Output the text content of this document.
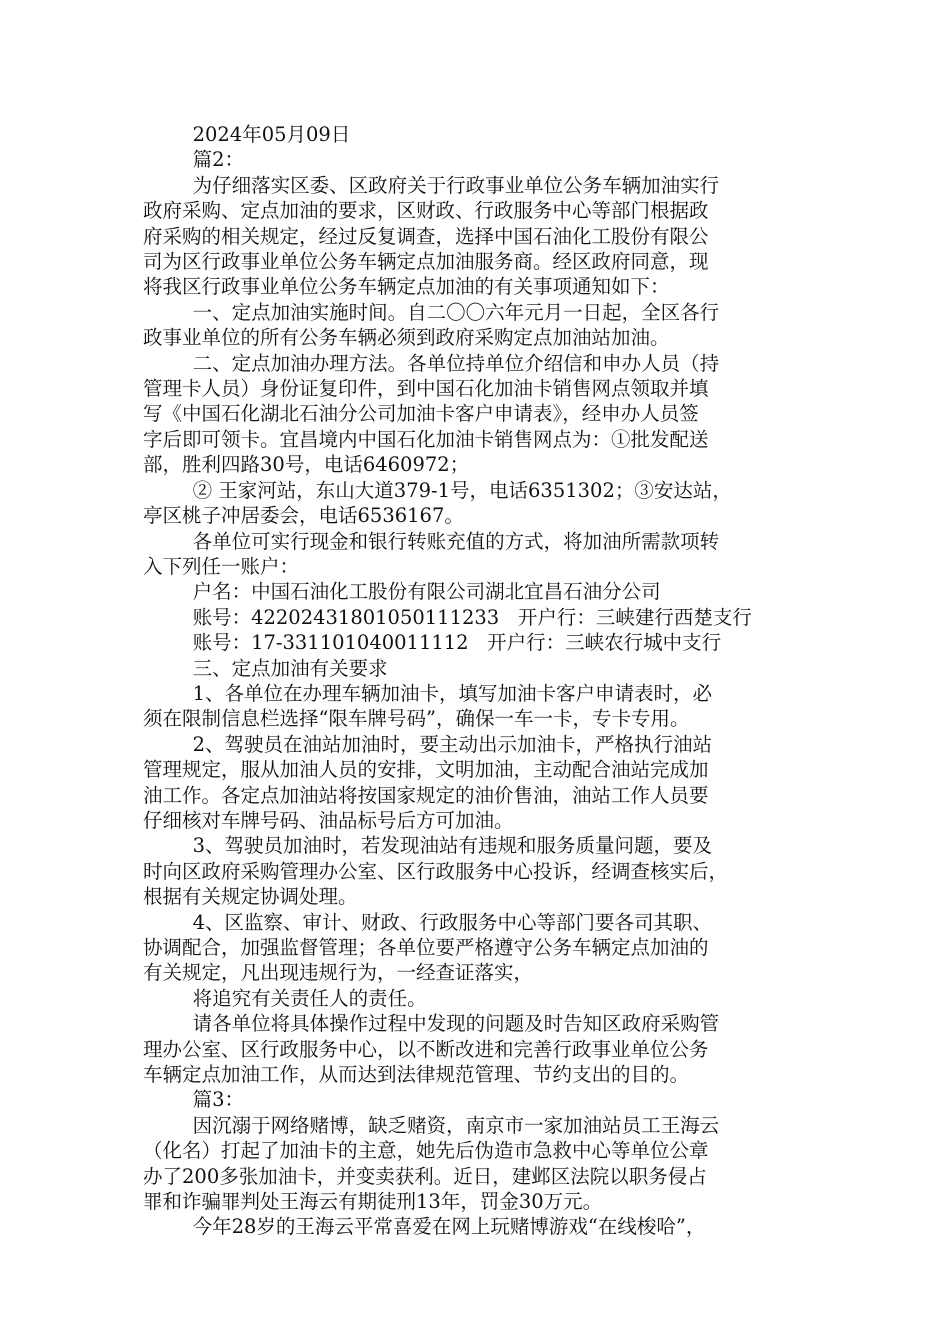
2024年05月09日
篇2：
为仔细落实区委、区政府关于行政事业单位公务车辆加油实行
政府采购、定点加油的要求，区财政、行政服务中心等部门根据政
府采购的相关规定，经过反复调查，选择中国石油化工股份有限公
司为区行政事业单位公务车辆定点加油服务商。经区政府同意，现
将我区行政事业单位公务车辆定点加油的有关事项通知如下：
一、定点加油实施时间。自二〇〇六年元月一日起，全区各行
政事业单位的所有公务车辆必须到政府采购定点加油站加油。
二、定点加油办理方法。各单位持单位介绍信和申办人员（持
管理卡人员）身份证复印件，到中国石化加油卡销售网点领取并填
写《中国石化湖北石油分公司加油卡客户申请表》，经申办人员签
字后即可领卡。宜昌境内中国石化加油卡销售网点为：①批发配送
部，胜利四路30号，电话6460972；
② 王家河站，东山大道379-1号，电话6351302；③安达站，
亭区桃子冲居委会，电话6536167。
各单位可实行现金和银行转账充值的方式，将加油所需款项转
入下列任一账户：
户名：中国石油化工股份有限公司湖北宜昌石油分公司
账号：42202431801050111233   开户行：三峡建行西楚支行
账号：17-331101040011112   开户行：三峡农行城中支行
三、定点加油有关要求
1、各单位在办理车辆加油卡，填写加油卡客户申请表时，必
须在限制信息栏选择“限车牌号码”，确保一车一卡，专卡专用。
2、驾驶员在油站加油时，要主动出示加油卡，严格执行油站
管理规定，服从加油人员的安排，文明加油，主动配合油站完成加
油工作。各定点加油站将按国家规定的油价售油，油站工作人员要
仔细核对车牌号码、油品标号后方可加油。
3、驾驶员加油时，若发现油站有违规和服务质量问题，要及
时向区政府采购管理办公室、区行政服务中心投诉，经调查核实后，
根据有关规定协调处理。
4、区监察、审计、财政、行政服务中心等部门要各司其职、
协调配合，加强监督管理；各单位要严格遵守公务车辆定点加油的
有关规定，凡出现违规行为，一经查证落实，
将追究有关责任人的责任。
请各单位将具体操作过程中发现的问题及时告知区政府采购管
理办公室、区行政服务中心，以不断改进和完善行政事业单位公务
车辆定点加油工作，从而达到法律规范管理、节约支出的目的。
篇3：
因沉溺于网络赌博，缺乏赌资，南京市一家加油站员工王海云
（化名）打起了加油卡的主意，她先后伪造市急救中心等单位公章
办了200多张加油卡，并变卖获利。近日，建邺区法院以职务侵占
罪和诈骗罪判处王海云有期徒刑13年，罚金30万元。
今年28岁的王海云平常喜爱在网上玩赌博游戏“在线梭哈”，
